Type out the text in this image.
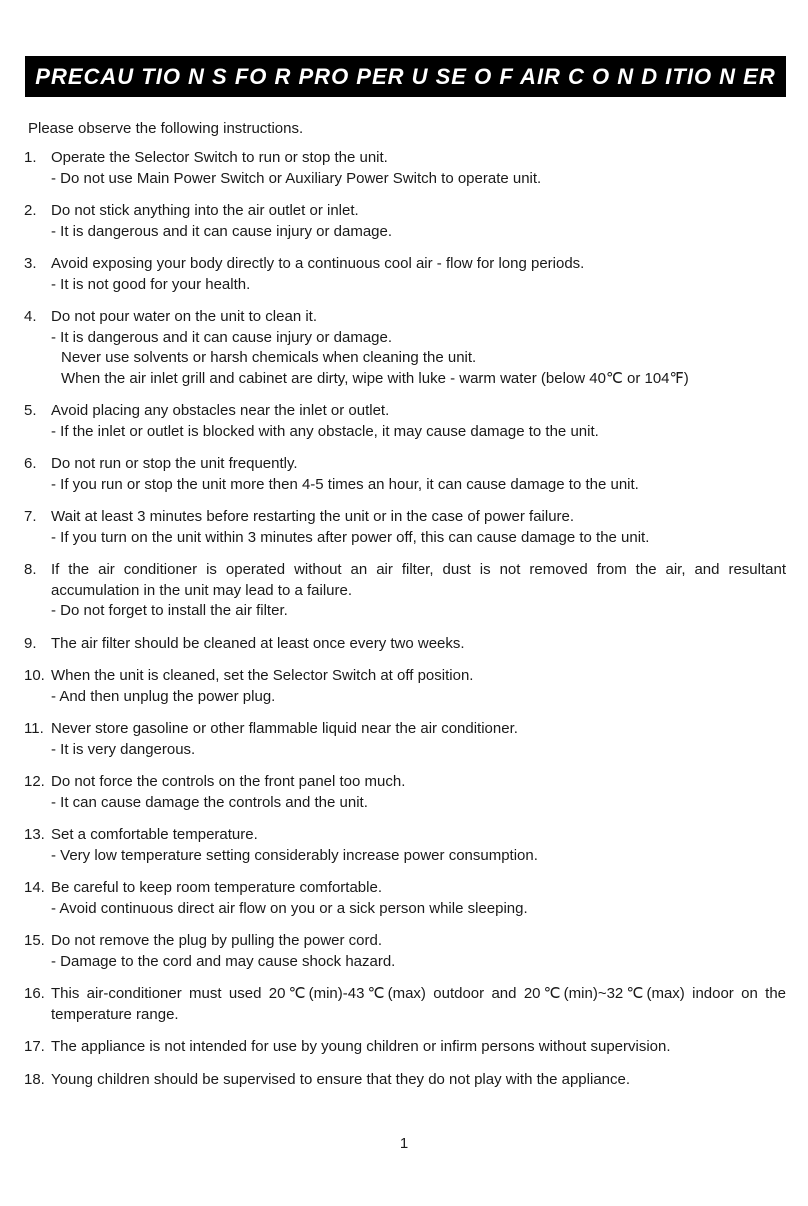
PRECAU TIO N S FO R PRO PER U SE O F AIR C O N D ITIO N ER
Please observe the following instructions.
1. Operate the Selector Switch to run or stop the unit.
- Do not use Main Power Switch or Auxiliary Power Switch to operate unit.
2. Do not stick anything into the air outlet or inlet.
- It is dangerous and it can cause injury or damage.
3. Avoid exposing your body directly to a continuous cool air - flow for long periods.
- It is not good for your health.
4. Do not pour water on the unit to clean it.
- It is dangerous and it can cause injury or damage.
Never use solvents or harsh chemicals when cleaning the unit.
When the air inlet grill and cabinet are dirty, wipe with luke - warm water (below 40℃ or 104℉)
5. Avoid placing any obstacles near the inlet or outlet.
- If the inlet or outlet is blocked with any obstacle, it may cause damage to the unit.
6. Do not run or stop the unit frequently.
- If you run or stop the unit more then 4-5 times an hour, it can cause damage to the unit.
7. Wait at least 3 minutes before restarting the unit or in the case of power failure.
- If you turn on the unit within 3 minutes after power off, this can cause damage to the unit.
8. If the air conditioner is operated without an air filter, dust is not removed from the air, and resultant accumulation in the unit may lead to a failure.
- Do not forget to install the air filter.
9. The air filter should be cleaned at least once every two weeks.
10. When the unit is cleaned, set the Selector Switch at off position.
- And then unplug the power plug.
11. Never store gasoline or other flammable liquid near the air conditioner.
- It is very dangerous.
12. Do not force the controls on the front panel too much.
- It can cause damage the controls and the unit.
13. Set a comfortable temperature.
- Very low temperature setting considerably increase power consumption.
14. Be careful to keep room temperature comfortable.
- Avoid continuous direct air flow on you or a sick person while sleeping.
15. Do not remove the plug by pulling the power cord.
- Damage to the cord and may cause shock hazard.
16. This air-conditioner must used 20℃(min)-43℃(max) outdoor and 20℃(min)~32℃(max) indoor on the temperature range.
17. The appliance is not intended for use by young children or infirm persons without supervision.
18. Young children should be supervised to ensure that they do not play with the appliance.
1
